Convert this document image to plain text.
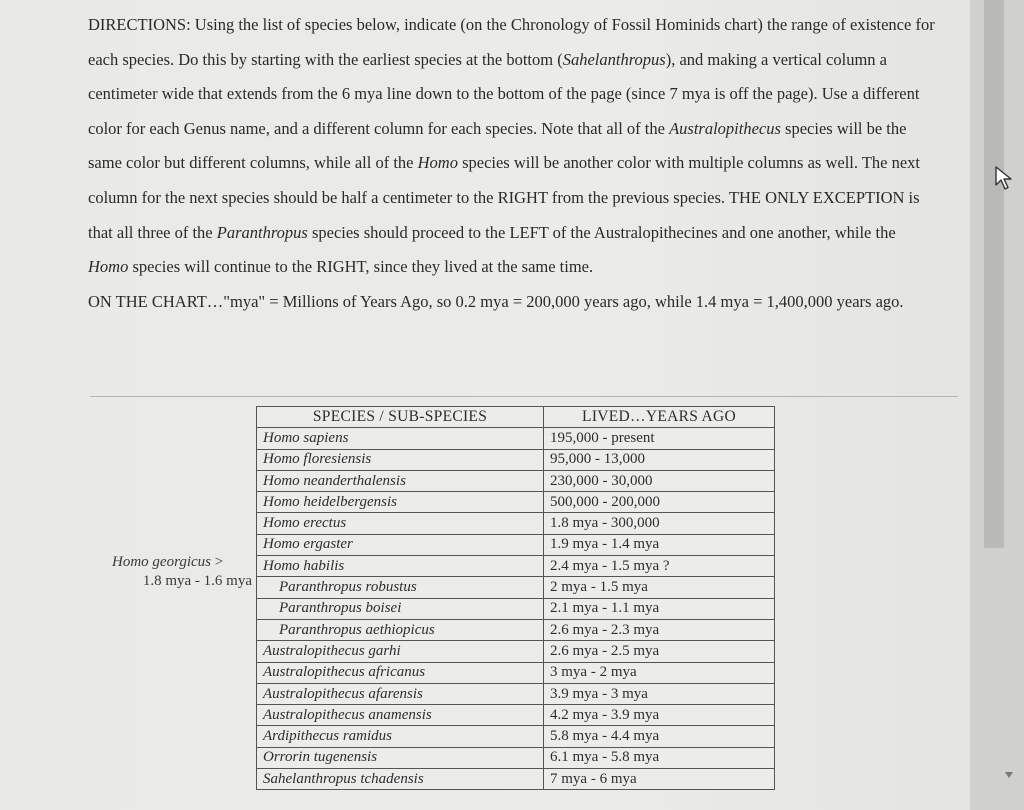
DIRECTIONS: Using the list of species below, indicate (on the Chronology of Fossil Hominids chart) the range of existence for each species. Do this by starting with the earliest species at the bottom (Sahelanthropus), and making a vertical column a centimeter wide that extends from the 6 mya line down to the bottom of the page (since 7 mya is off the page). Use a different color for each Genus name, and a different column for each species. Note that all of the Australopithecus species will be the same color but different columns, while all of the Homo species will be another color with multiple columns as well. The next column for the next species should be half a centimeter to the RIGHT from the previous species. THE ONLY EXCEPTION is that all three of the Paranthropus species should proceed to the LEFT of the Australopithecines and one another, while the Homo species will continue to the RIGHT, since they lived at the same time.

ON THE CHART…"mya" = Millions of Years Ago, so 0.2 mya = 200,000 years ago, while 1.4 mya = 1,400,000 years ago.

Homo georgicus >
1.8 mya - 1.6 mya
SPECIES / SUB-SPECIES	LIVED…YEARS AGO
Homo sapiens	195,000 - present
Homo floresiensis	95,000 - 13,000
Homo neanderthalensis	230,000 - 30,000
Homo heidelbergensis	500,000 - 200,000
Homo erectus	1.8 mya - 300,000
Homo ergaster	1.9 mya - 1.4 mya
Homo habilis	2.4 mya - 1.5 mya ?
Paranthropus robustus	2 mya - 1.5 mya
Paranthropus boisei	2.1 mya - 1.1 mya
Paranthropus aethiopicus	2.6 mya - 2.3 mya
Australopithecus garhi	2.6 mya - 2.5 mya
Australopithecus africanus	3 mya - 2 mya
Australopithecus afarensis	3.9 mya - 3 mya
Australopithecus anamensis	4.2 mya - 3.9 mya
Ardipithecus ramidus	5.8 mya - 4.4 mya
Orrorin tugenensis	6.1 mya - 5.8 mya
Sahelanthropus tchadensis	7 mya - 6 mya
